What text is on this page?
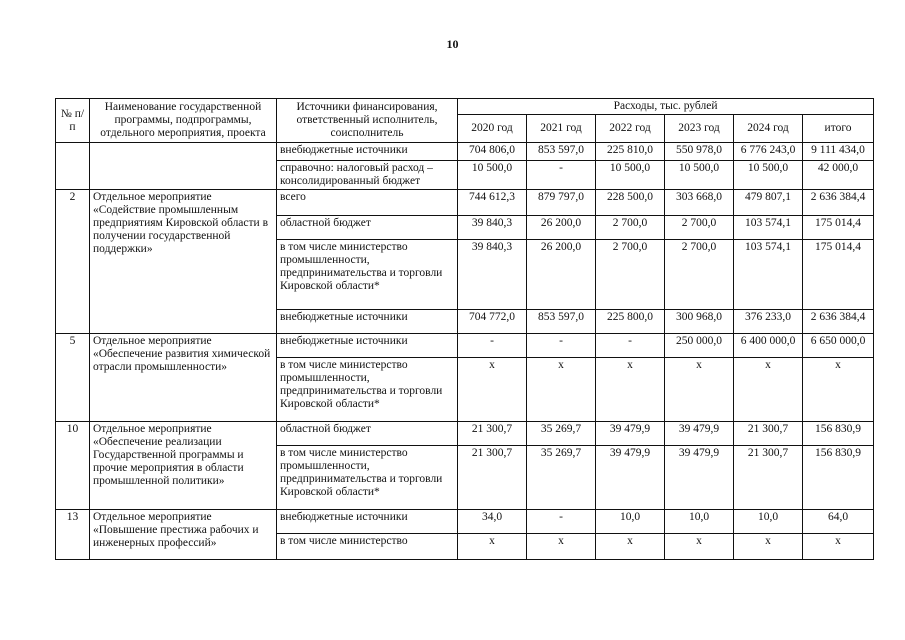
10
№ п/п	Наименование государственной программы, подпрограммы, отдельного мероприятия, проекта	Источники финансирования, ответственный исполнитель, соисполнитель	Расходы, тыс. рублей					
			2020 год	2021 год	2022 год	2023 год	2024 год	итого
		внебюджетные источники	704 806,0	853 597,0	225 810,0	550 978,0	6 776 243,0	9 111 434,0
		справочно: налоговый расход – консолидированный бюджет	10 500,0	-	10 500,0	10 500,0	10 500,0	42 000,0
2	Отдельное мероприятие «Содействие промышленным предприятиям Кировской области в получении государственной поддержки»	всего	744 612,3	879 797,0	228 500,0	303 668,0	479 807,1	2 636 384,4
		областной бюджет	39 840,3	26 200,0	2 700,0	2 700,0	103 574,1	175 014,4
		в том числе министерство промышленности, предпринимательства и торговли Кировской области*	39 840,3	26 200,0	2 700,0	2 700,0	103 574,1	175 014,4
		внебюджетные источники	704 772,0	853 597,0	225 800,0	300 968,0	376 233,0	2 636 384,4
5	Отдельное мероприятие «Обеспечение развития химической отрасли промышленности»	внебюджетные источники	-	-	-	250 000,0	6 400 000,0	6 650 000,0
		в том числе министерство промышленности, предпринимательства и торговли Кировской области*	х	х	х	х	х	х
10	Отдельное мероприятие «Обеспечение реализации Государственной программы и прочие мероприятия в области промышленной политики»	областной бюджет	21 300,7	35 269,7	39 479,9	39 479,9	21 300,7	156 830,9
		в том числе министерство промышленности, предпринимательства и торговли Кировской области*	21 300,7	35 269,7	39 479,9	39 479,9	21 300,7	156 830,9
13	Отдельное мероприятие «Повышение престижа рабочих и инженерных профессий»	внебюджетные источники	34,0	-	10,0	10,0	10,0	64,0
		в том числе министерство	х	х	х	х	х	х
